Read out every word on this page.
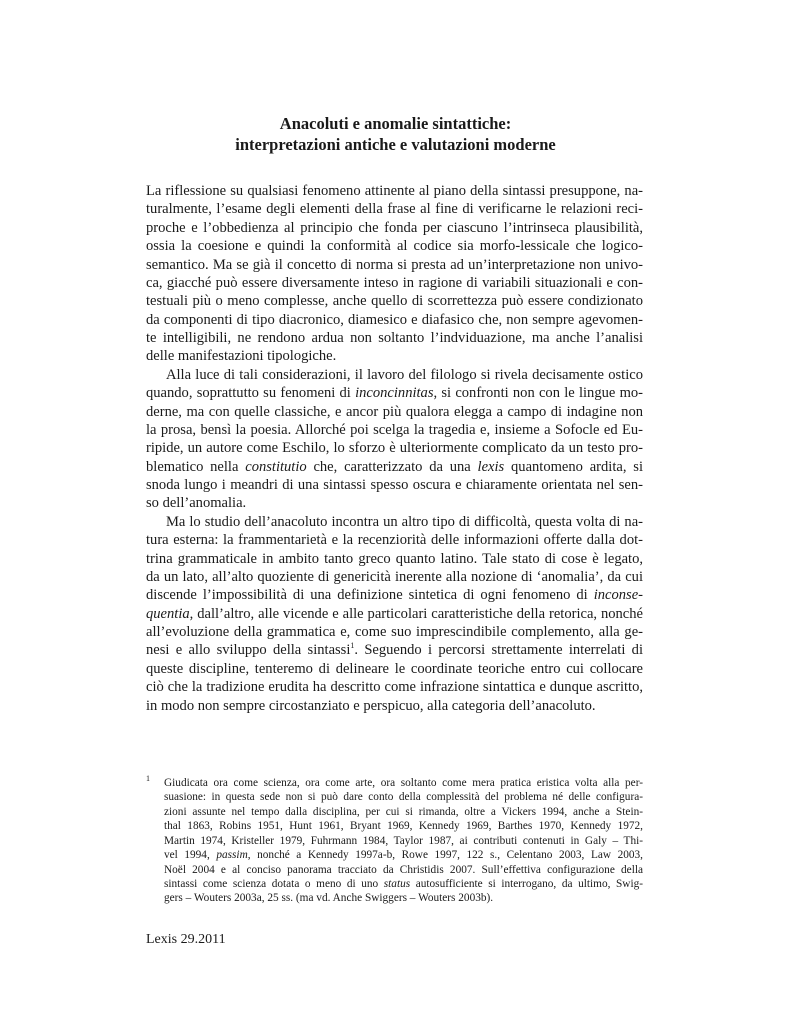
Anacoluti e anomalie sintattiche:
interpretazioni antiche e valutazioni moderne
La riflessione su qualsiasi fenomeno attinente al piano della sintassi presuppone, na-
turalmente, l’esame degli elementi della frase al fine di verificarne le relazioni reci-
proche e l’obbedienza al principio che fonda per ciascuno l’intrinseca plausibilità,
ossia la coesione e quindi la conformità al codice sia morfo-lessicale che logico-
semantico. Ma se già il concetto di norma si presta ad un’interpretazione non univo-
ca, giacché può essere diversamente inteso in ragione di variabili situazionali e con-
testuali più o meno complesse, anche quello di scorrettezza può essere condizionato
da componenti di tipo diacronico, diamesico e diafasico che, non sempre agevomen-
te intelligibili, ne rendono ardua non soltanto l’indviduazione, ma anche l’analisi
delle manifestazioni tipologiche.
Alla luce di tali considerazioni, il lavoro del filologo si rivela decisamente ostico
quando, soprattutto su fenomeni di inconcinnitas, si confronti non con le lingue mo-
derne, ma con quelle classiche, e ancor più qualora elegga a campo di indagine non
la prosa, bensì la poesia. Allorché poi scelga la tragedia e, insieme a Sofocle ed Eu-
ripide, un autore come Eschilo, lo sforzo è ulteriormente complicato da un testo pro-
blematico nella constitutio che, caratterizzato da una lexis quantomeno ardita, si
snoda lungo i meandri di una sintassi spesso oscura e chiaramente orientata nel sen-
so dell’anomalia.
Ma lo studio dell’anacoluto incontra un altro tipo di difficoltà, questa volta di na-
tura esterna: la frammentarietà e la recenziorità delle informazioni offerte dalla dot-
trina grammaticale in ambito tanto greco quanto latino. Tale stato di cose è legato,
da un lato, all’alto quoziente di genericità inerente alla nozione di ‘anomalia’, da cui
discende l’impossibilità di una definizione sintetica di ogni fenomeno di inconse-
quentia, dall’altro, alle vicende e alle particolari caratteristiche della retorica, nonché
all’evoluzione della grammatica e, come suo imprescindibile complemento, alla ge-
nesi e allo sviluppo della sintassi$^1$. Seguendo i percorsi strettamente interrelati di
queste discipline, tenteremo di delineare le coordinate teoriche entro cui collocare
ciò che la tradizione erudita ha descritto come infrazione sintattica e dunque ascritto,
in modo non sempre circostanziato e perspicuo, alla categoria dell’anacoluto.
1 Giudicata ora come scienza, ora come arte, ora soltanto come mera pratica eristica volta alla per-
suasione: in questa sede non si può dare conto della complessità del problema né delle configura-
zioni assunte nel tempo dalla disciplina, per cui si rimanda, oltre a Vickers 1994, anche a Stein-
thal 1863, Robins 1951, Hunt 1961, Bryant 1969, Kennedy 1969, Barthes 1970, Kennedy 1972,
Martin 1974, Kristeller 1979, Fuhrmann 1984, Taylor 1987, ai contributi contenuti in Galy – Thi-
vel 1994, passim, nonché a Kennedy 1997a-b, Rowe 1997, 122 s., Celentano 2003, Law 2003,
Noël 2004 e al conciso panorama tracciato da Christidis 2007. Sull’effettiva configurazione della
sintassi come scienza dotata o meno di uno status autosufficiente si interrogano, da ultimo, Swig-
gers – Wouters 2003a, 25 ss. (ma vd. Anche Swiggers – Wouters 2003b).
Lexis 29.2011
